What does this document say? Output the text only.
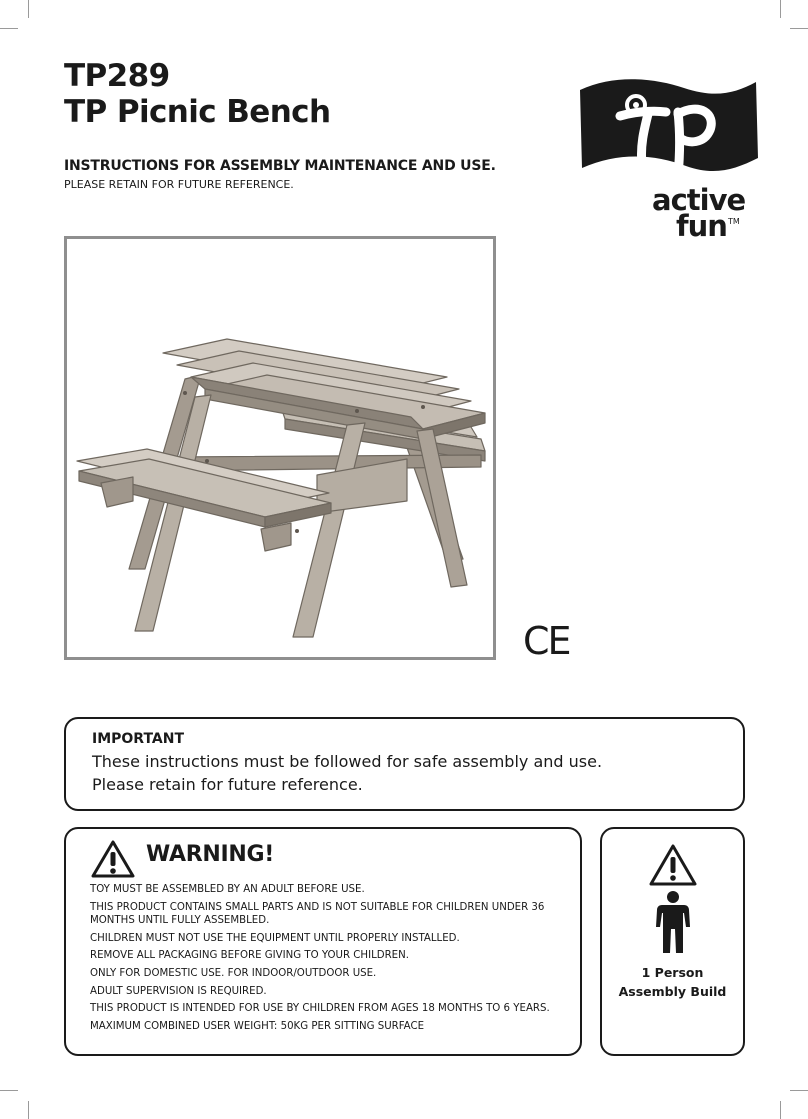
TP289
TP Picnic Bench
INSTRUCTIONS FOR ASSEMBLY MAINTENANCE AND USE.
PLEASE RETAIN FOR FUTURE REFERENCE.	active
fun TM
CE
IMPORTANT
These instructions must be followed for safe assembly and use.
Please retain for future reference.
WARNING!
TOY MUST BE ASSEMBLED BY AN ADULT BEFORE USE.
THIS PRODUCT CONTAINS SMALL PARTS AND IS NOT SUITABLE FOR CHILDREN UNDER 36 MONTHS UNTIL FULLY ASSEMBLED.
CHILDREN MUST NOT USE THE EQUIPMENT UNTIL PROPERLY INSTALLED.
REMOVE ALL PACKAGING BEFORE GIVING TO YOUR CHILDREN.
ONLY FOR DOMESTIC USE. FOR INDOOR/OUTDOOR USE.
ADULT SUPERVISION IS REQUIRED.
THIS PRODUCT IS INTENDED FOR USE BY CHILDREN FROM AGES 18 MONTHS TO 6 YEARS.
MAXIMUM COMBINED USER WEIGHT: 50KG PER SITTING SURFACE
1 Person
Assembly Build
